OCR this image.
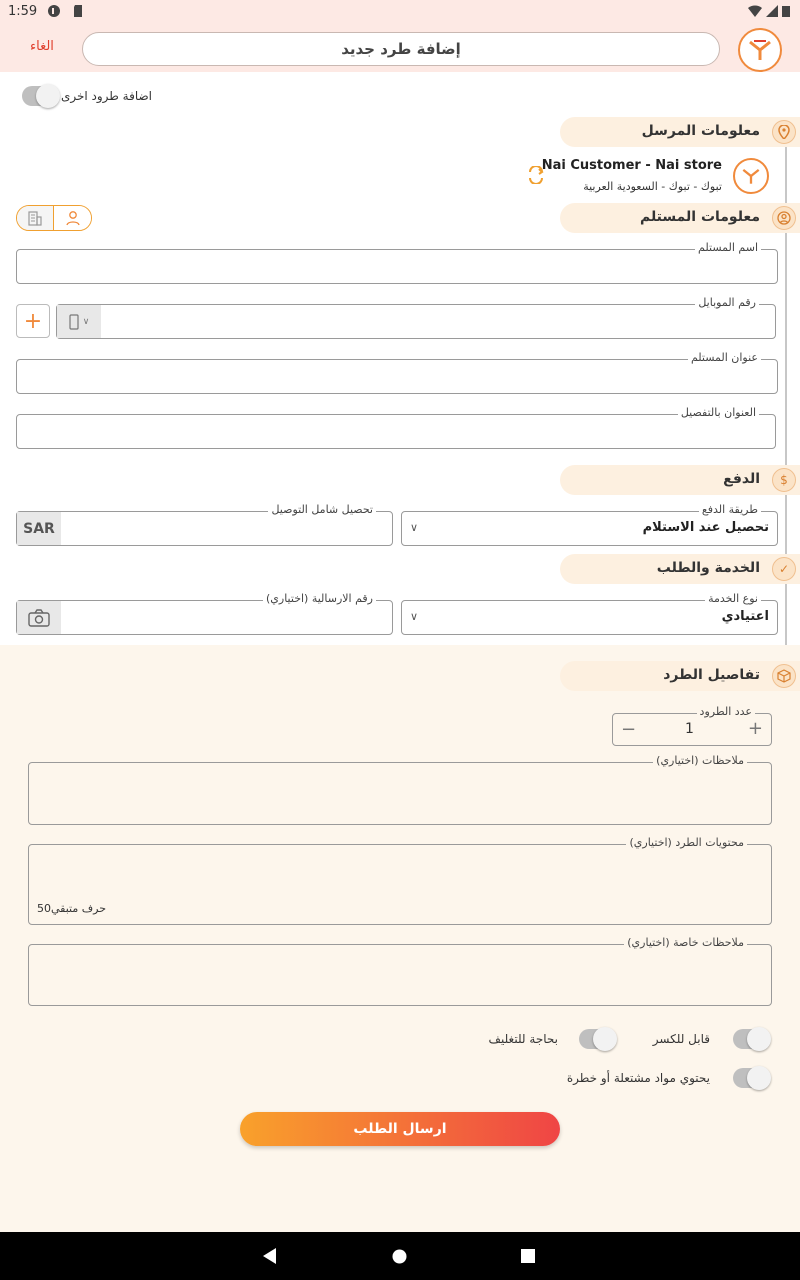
1:59
إضافة طرد جديد
الغاء
اضافة طرود اخرى
معلومات المرسل
Nai Customer - Nai store
تبوك - تبوك - السعودية العربية
معلومات المستلم
اسم المستلم
+
رقم الموبايل
∨
عنوان المستلم
العنوان بالتفصيل
الدفع	$
طريقة الدفع
تحصيل عند الاستلام
∨
تحصيل شامل التوصيل
SAR
الخدمة والطلب	✓
نوع الخدمة
اعتيادي
∨
رقم الارسالية (اختياري)
تفاصيل الطرد
عدد الطرود
−	1	+
ملاحظات (اختياري)
محتويات الطرد (اختياري)
50حرف متبقي
ملاحظات خاصة (اختياري)
قابل للكسر
بحاجة للتغليف
يحتوي مواد مشتعلة أو خطرة
ارسال الطلب
